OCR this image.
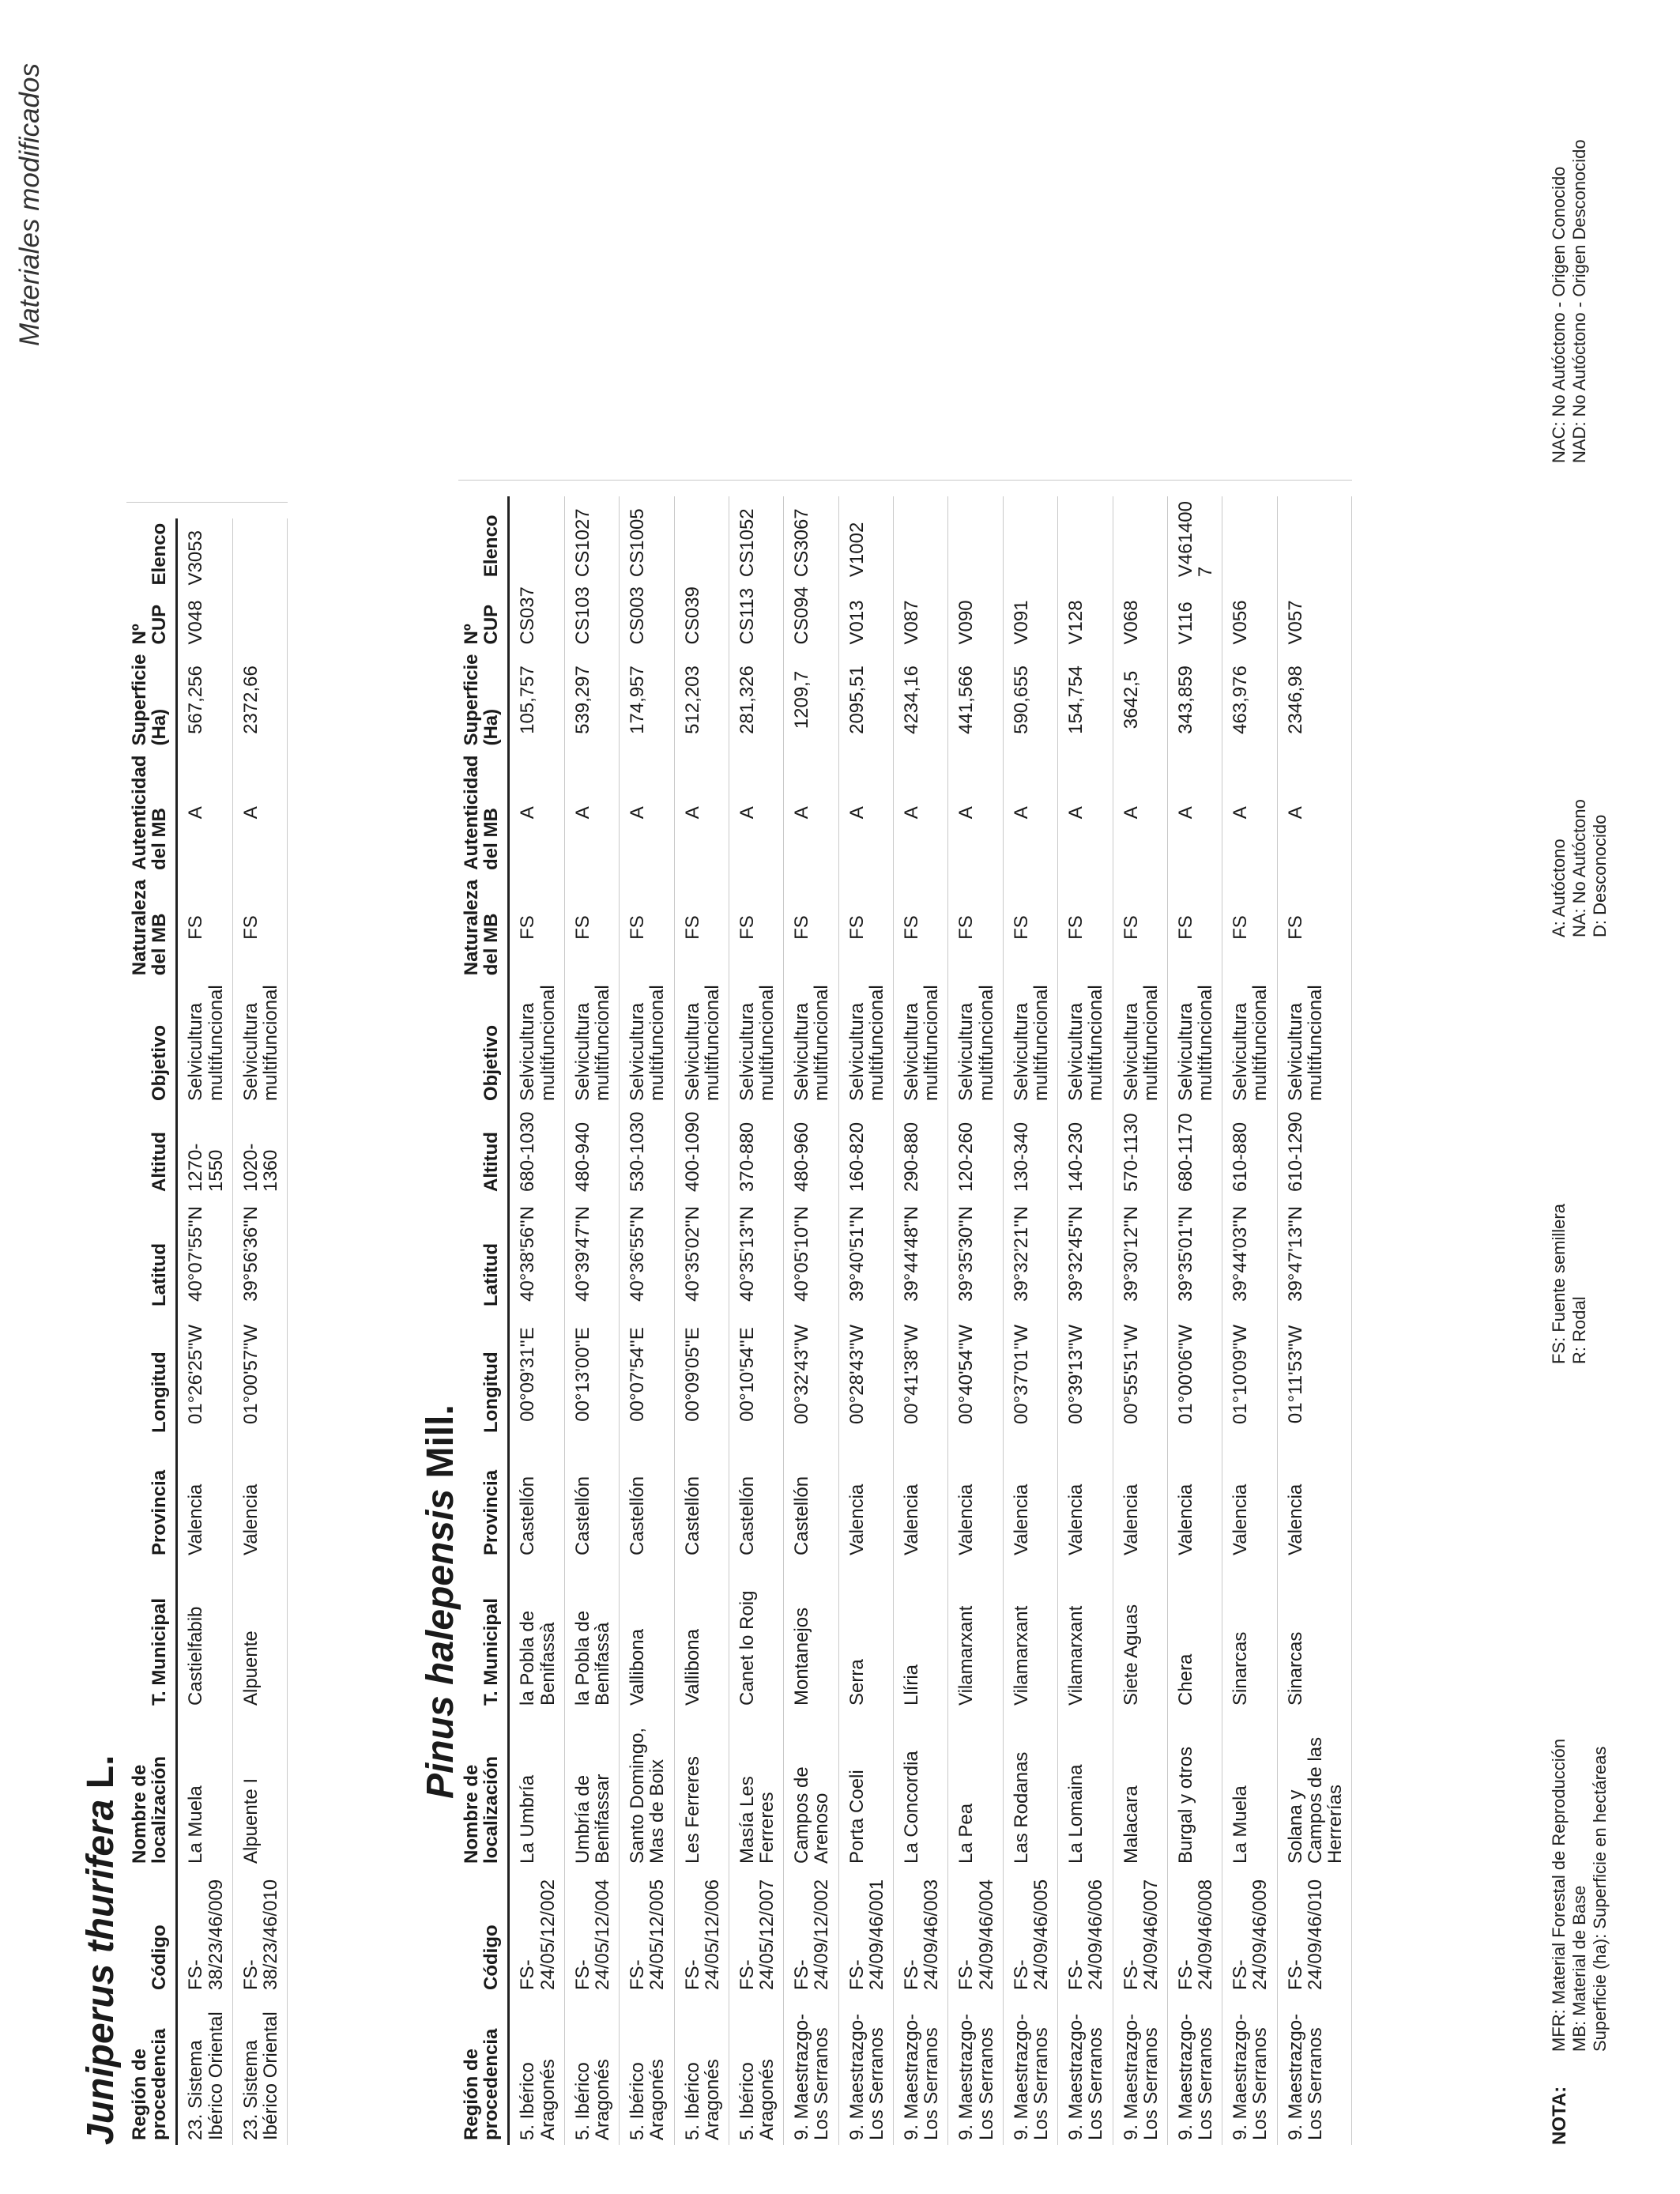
Materiales modificados
Juniperus thurifera L.
Región de procedencia	Código	Nombre de localización	T. Municipal	Provincia	Longitud	Latitud	Altitud	Objetivo	Naturaleza del MB	Autenticidad del MB	Superficie (Ha)	Nº CUP	Elenco
23. Sistema Ibérico Oriental	FS-38/23/46/009	La Muela	Castielfabib	Valencia	01°26'25''W	40°07'55''N	1270-1550	Selvicultura multifuncional	FS	A	567,256	V048	V3053
23. Sistema Ibérico Oriental	FS-38/23/46/010	Alpuente I	Alpuente	Valencia	01°00'57''W	39°56'36''N	1020-1360	Selvicultura multifuncional	FS	A	2372,66		
Pinus halepensis Mill.
Región de procedencia	Código	Nombre de localización	T. Municipal	Provincia	Longitud	Latitud	Altitud	Objetivo	Naturaleza del MB	Autenticidad del MB	Superficie (Ha)	Nº CUP	Elenco
5. Ibérico Aragonés	FS-24/05/12/002	La Umbría	la Pobla de Benifassà	Castellón	00°09'31''E	40°38'56''N	680-1030	Selvicultura multifuncional	FS	A	105,757	CS037	
5. Ibérico Aragonés	FS-24/05/12/004	Umbría de Benifassar	la Pobla de Benifassà	Castellón	00°13'00''E	40°39'47''N	480-940	Selvicultura multifuncional	FS	A	539,297	CS103	CS1027
5. Ibérico Aragonés	FS-24/05/12/005	Santo Domingo, Mas de Boix	Vallibona	Castellón	00°07'54''E	40°36'55''N	530-1030	Selvicultura multifuncional	FS	A	174,957	CS003	CS1005
5. Ibérico Aragonés	FS-24/05/12/006	Les Ferreres	Vallibona	Castellón	00°09'05''E	40°35'02''N	400-1090	Selvicultura multifuncional	FS	A	512,203	CS039	
5. Ibérico Aragonés	FS-24/05/12/007	Masía Les Ferreres	Canet lo Roig	Castellón	00°10'54''E	40°35'13''N	370-880	Selvicultura multifuncional	FS	A	281,326	CS113	CS1052
9. Maestrazgo-Los Serranos	FS-24/09/12/002	Campos de Arenoso	Montanejos	Castellón	00°32'43''W	40°05'10''N	480-960	Selvicultura multifuncional	FS	A	1209,7	CS094	CS3067
9. Maestrazgo-Los Serranos	FS-24/09/46/001	Porta Coeli	Serra	Valencia	00°28'43''W	39°40'51''N	160-820	Selvicultura multifuncional	FS	A	2095,51	V013	V1002
9. Maestrazgo-Los Serranos	FS-24/09/46/003	La Concordia	Llíria	Valencia	00°41'38''W	39°44'48''N	290-880	Selvicultura multifuncional	FS	A	4234,16	V087	
9. Maestrazgo-Los Serranos	FS-24/09/46/004	La Pea	Vilamarxant	Valencia	00°40'54''W	39°35'30''N	120-260	Selvicultura multifuncional	FS	A	441,566	V090	
9. Maestrazgo-Los Serranos	FS-24/09/46/005	Las Rodanas	Vilamarxant	Valencia	00°37'01''W	39°32'21''N	130-340	Selvicultura multifuncional	FS	A	590,655	V091	
9. Maestrazgo-Los Serranos	FS-24/09/46/006	La Lomaina	Vilamarxant	Valencia	00°39'13''W	39°32'45''N	140-230	Selvicultura multifuncional	FS	A	154,754	V128	
9. Maestrazgo-Los Serranos	FS-24/09/46/007	Malacara	Siete Aguas	Valencia	00°55'51''W	39°30'12''N	570-1130	Selvicultura multifuncional	FS	A	3642,5	V068	
9. Maestrazgo-Los Serranos	FS-24/09/46/008	Burgal y otros	Chera	Valencia	01°00'06''W	39°35'01''N	680-1170	Selvicultura multifuncional	FS	A	343,859	V116	V461400 7
9. Maestrazgo-Los Serranos	FS-24/09/46/009	La Muela	Sinarcas	Valencia	01°10'09''W	39°44'03''N	610-880	Selvicultura multifuncional	FS	A	463,976	V056	
9. Maestrazgo-Los Serranos	FS-24/09/46/010	Solana y Campos de las Herrerías	Sinarcas	Valencia	01°11'53''W	39°47'13''N	610-1290	Selvicultura multifuncional	FS	A	2346,98	V057	
NOTA:
MFR: Material Forestal de Reproducción MB: Material de Base Superficie (ha): Superficie en hectáreas
FS: Fuente semillera R: Rodal
A: Autóctono NA: No Autóctono D: Desconocido
NAC: No Autóctono - Origen Conocido NAD: No Autóctono - Origen Desconocido
